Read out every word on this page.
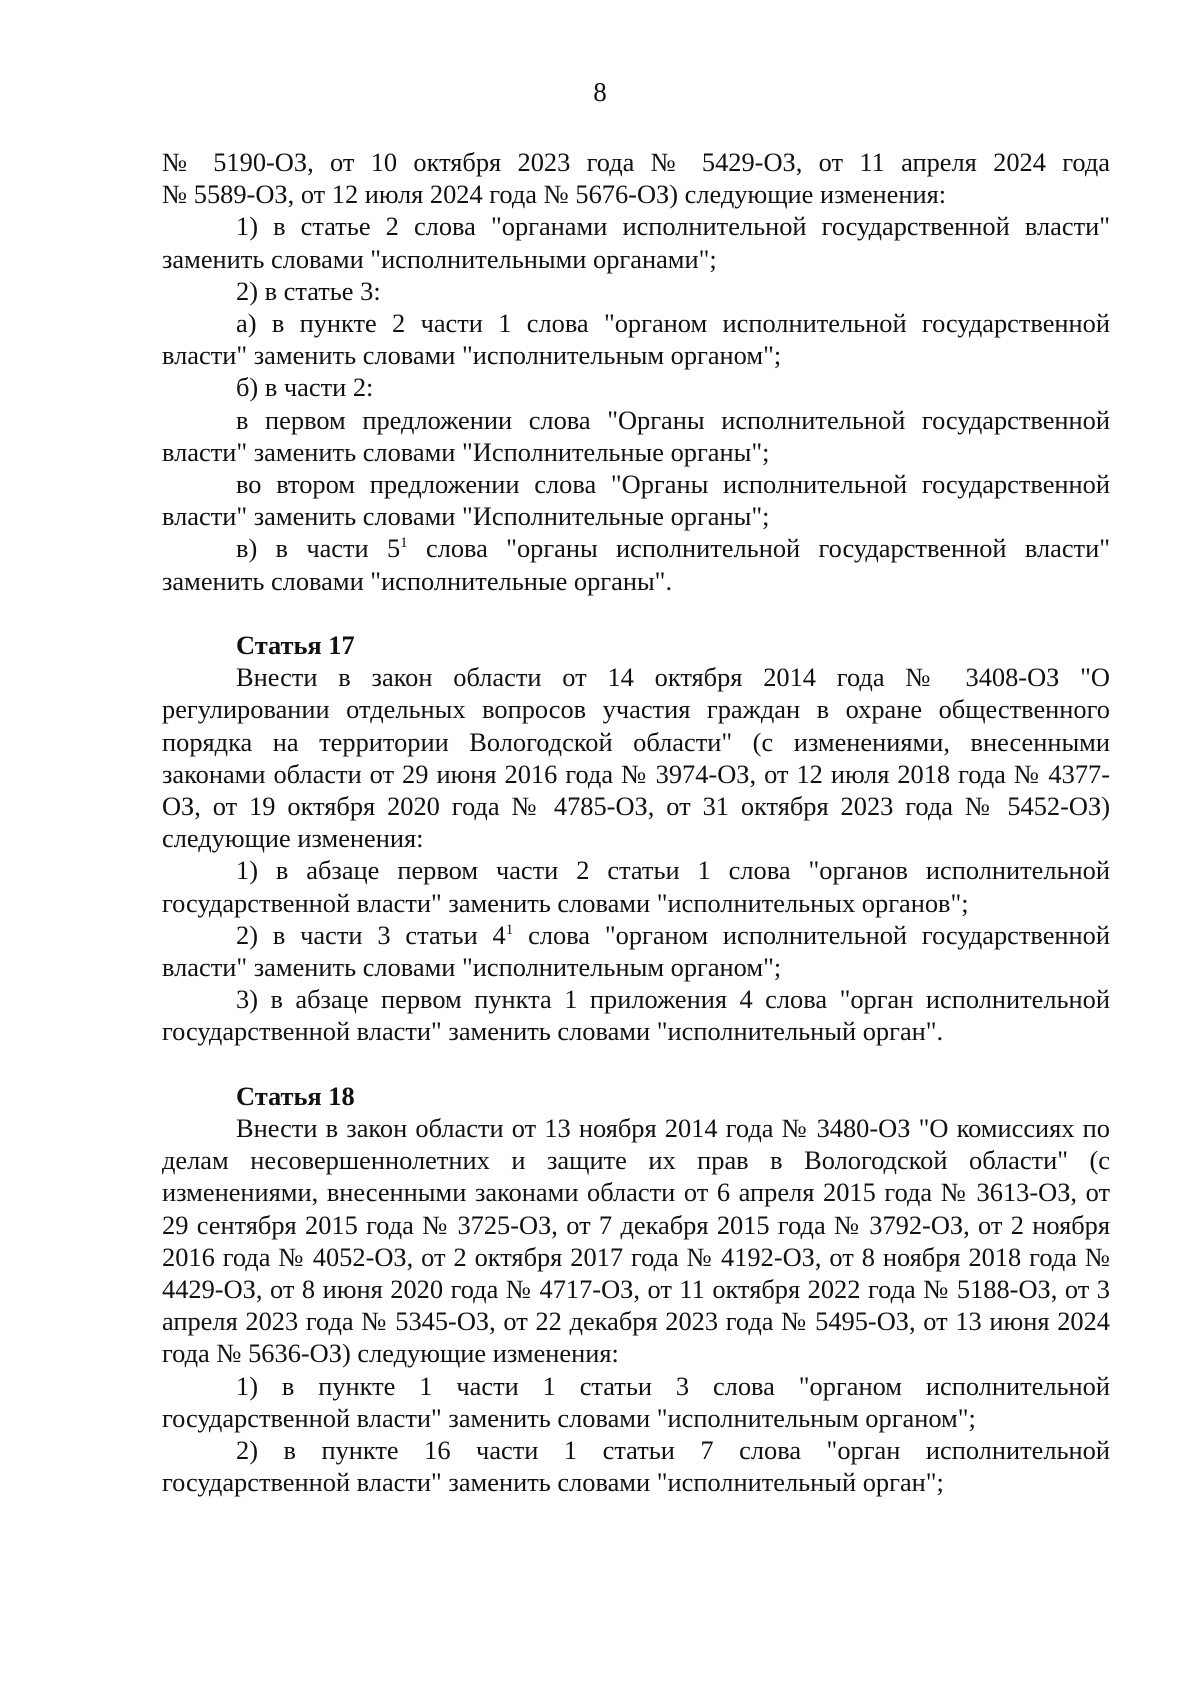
8

№ 5190-ОЗ, от 10 октября 2023 года № 5429-ОЗ, от 11 апреля 2024 года

№ 5589-ОЗ, от 12 июля 2024 года № 5676-ОЗ) следующие изменения:

1) в статье 2 слова "органами исполнительной государственной власти" заменить словами "исполнительными органами";

2) в статье 3:

а) в пункте 2 части 1 слова "органом исполнительной государственной власти" заменить словами "исполнительным органом";

б) в части 2:

в первом предложении слова "Органы исполнительной государственной власти" заменить словами "Исполнительные органы";

во втором предложении слова "Органы исполнительной государственной власти" заменить словами "Исполнительные органы";

в) в части $5^1$ слова "органы исполнительной государственной власти" заменить словами "исполнительные органы".

Статья 17

Внести в закон области от 14 октября 2014 года № 3408-ОЗ "О регулировании отдельных вопросов участия граждан в охране общественного порядка на территории Вологодской области" (с изменениями, внесенными законами области от 29 июня 2016 года № 3974-ОЗ, от 12 июля 2018 года № 4377-ОЗ, от 19 октября 2020 года № 4785-ОЗ, от 31 октября 2023 года № 5452-ОЗ) следующие изменения:

1) в абзаце первом части 2 статьи 1 слова "органов исполнительной государственной власти" заменить словами "исполнительных органов";

2) в части 3 статьи $4^1$ слова "органом исполнительной государственной власти" заменить словами "исполнительным органом";

3) в абзаце первом пункта 1 приложения 4 слова "орган исполнительной государственной власти" заменить словами "исполнительный орган".

Статья 18

Внести в закон области от 13 ноября 2014 года № 3480-ОЗ "О комиссиях по делам несовершеннолетних и защите их прав в Вологодской области" (с изменениями, внесенными законами области от 6 апреля 2015 года № 3613-ОЗ, от 29 сентября 2015 года № 3725-ОЗ, от 7 декабря 2015 года № 3792-ОЗ, от 2 ноября 2016 года № 4052-ОЗ, от 2 октября 2017 года № 4192-ОЗ, от 8 ноября 2018 года № 4429-ОЗ, от 8 июня 2020 года № 4717-ОЗ, от 11 октября 2022 года № 5188-ОЗ, от 3 апреля 2023 года № 5345-ОЗ, от 22 декабря 2023 года № 5495-ОЗ, от 13 июня 2024 года № 5636-ОЗ) следующие изменения:

1) в пункте 1 части 1 статьи 3 слова "органом исполнительной государственной власти" заменить словами "исполнительным органом";

2) в пункте 16 части 1 статьи 7 слова "орган исполнительной государственной власти" заменить словами "исполнительный орган";
